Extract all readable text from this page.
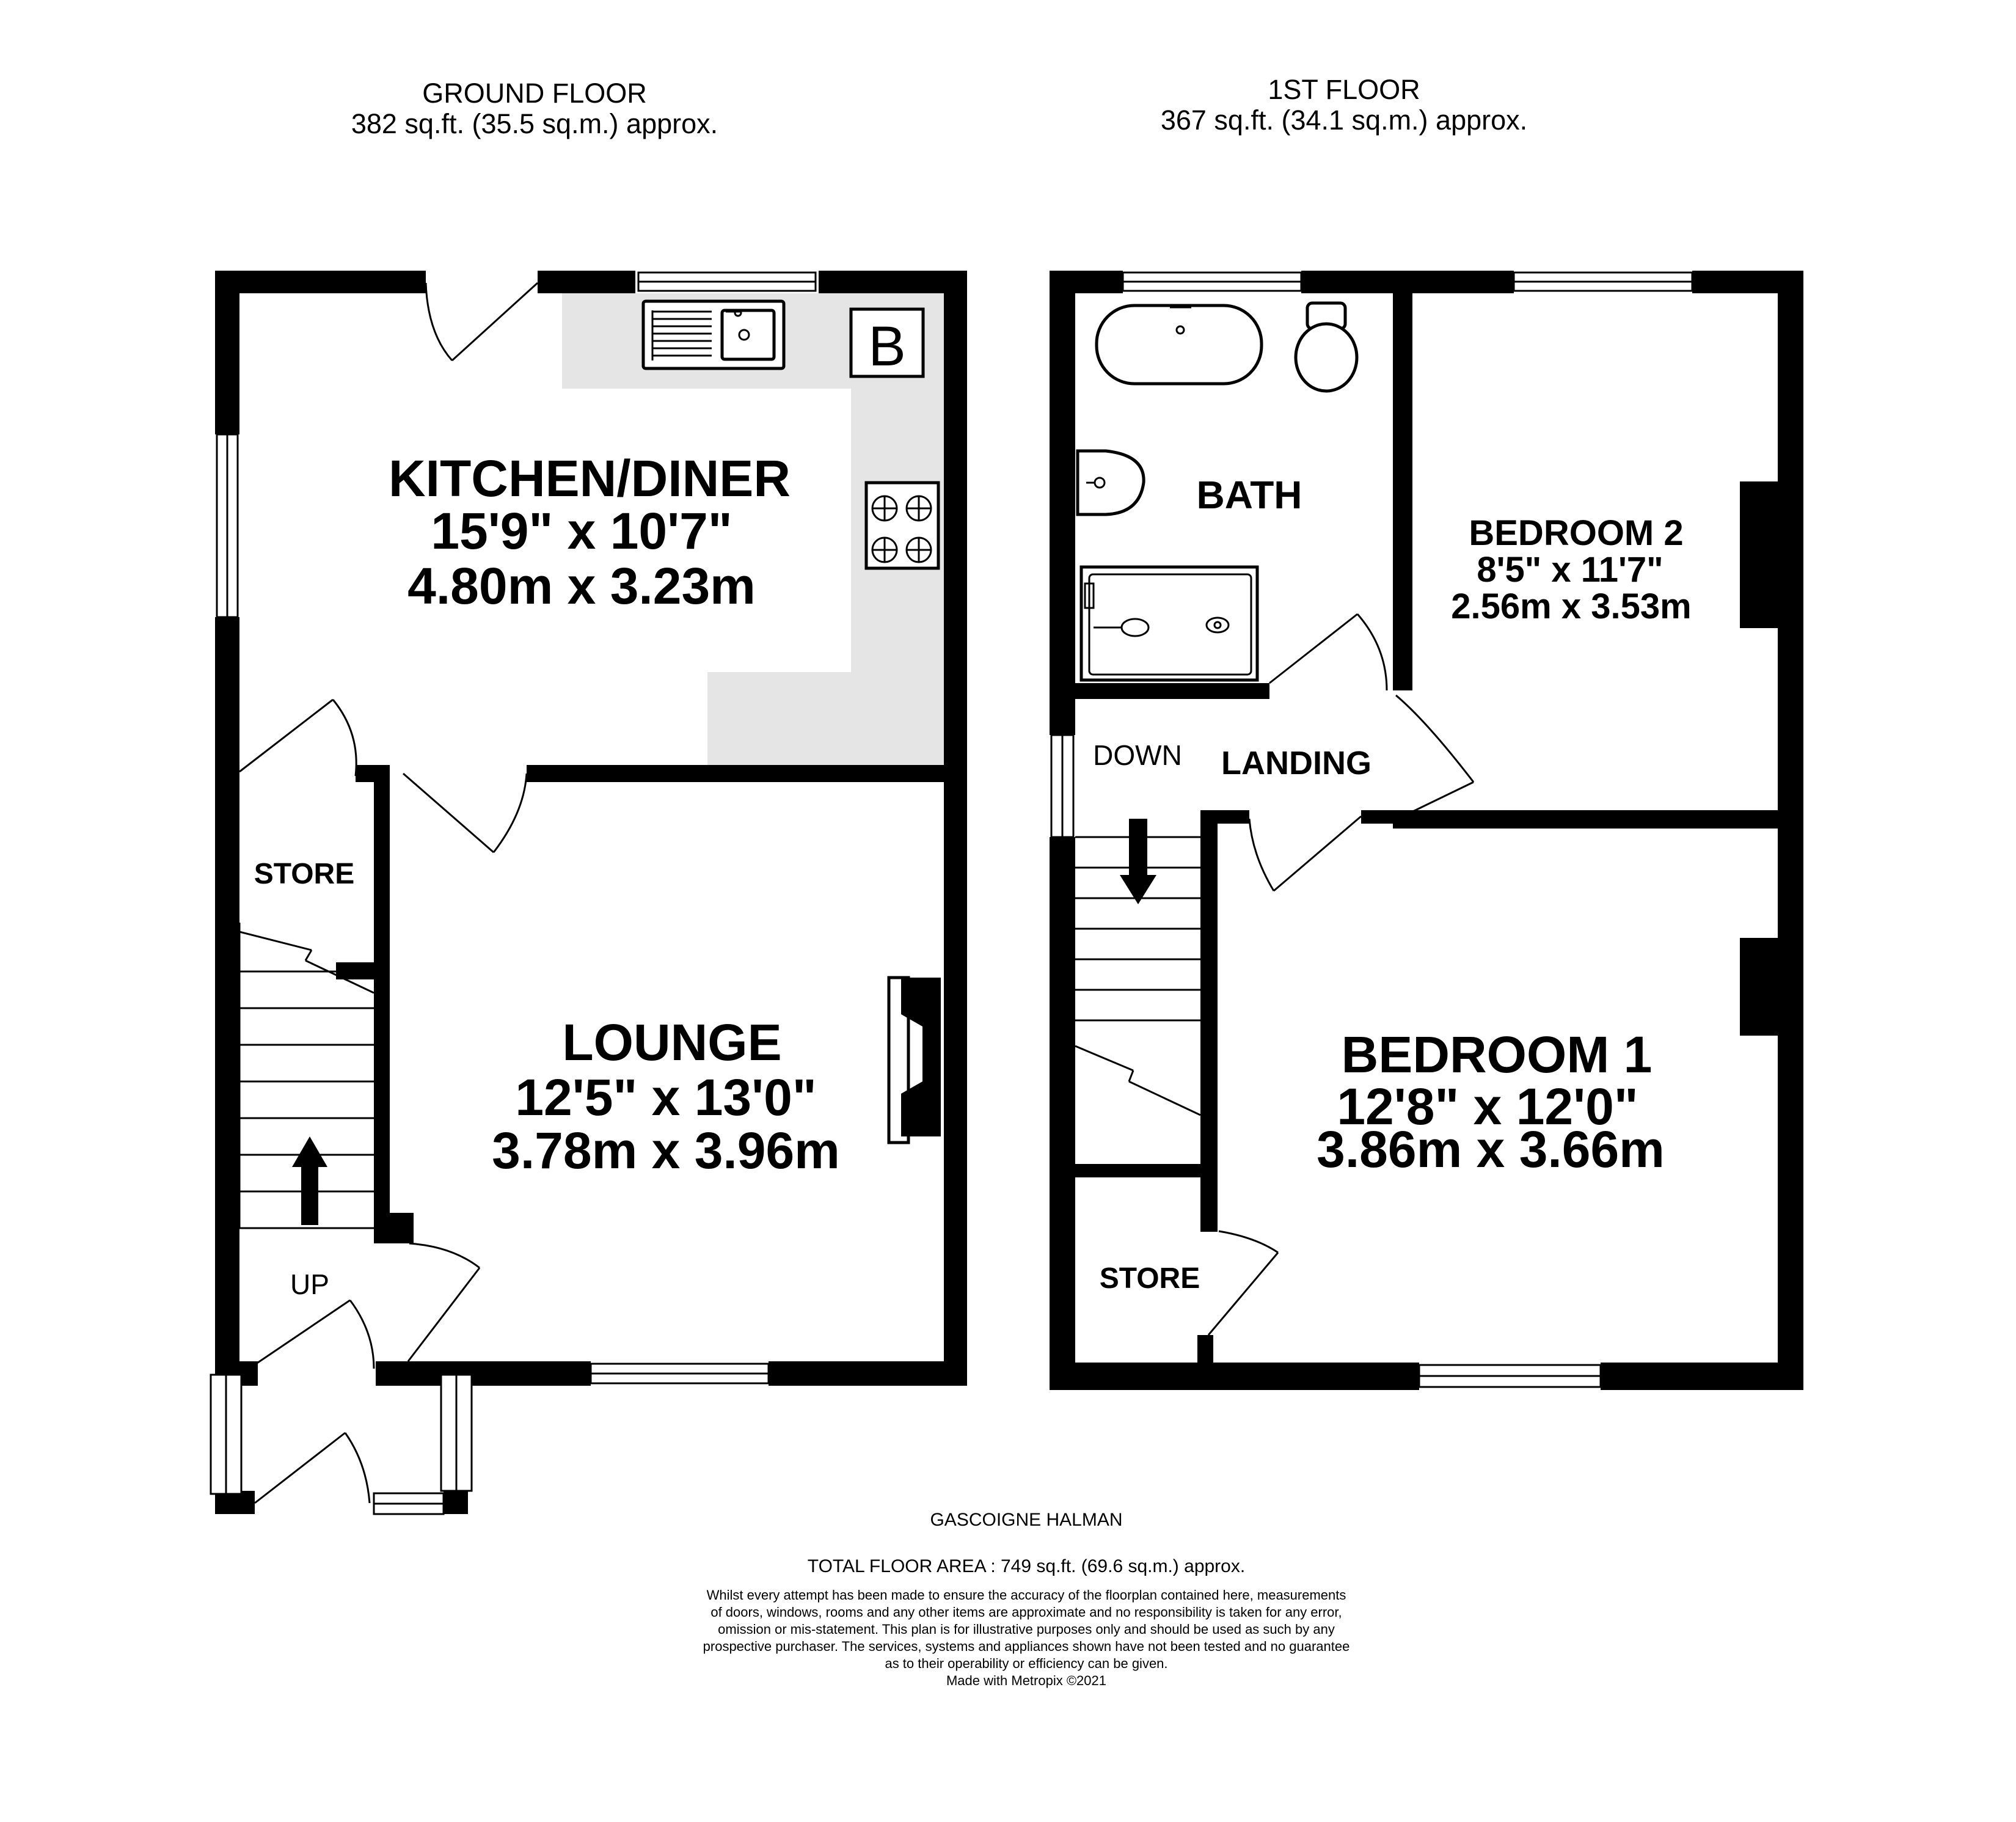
GROUND FLOOR
382 sq.ft. (35.5 sq.m.) approx.
1ST FLOOR
367 sq.ft. (34.1 sq.m.) approx.
B
KITCHEN/DINER
15'9" x 10'7"
4.80m x 3.23m
LOUNGE
12'5" x 13'0"
3.78m x 3.96m
STORE
UP
BATH
BEDROOM 2
8'5" x 11'7"
2.56m x 3.53m
LANDING
DOWN
BEDROOM 1
12'8" x 12'0"
3.86m x 3.66m
STORE
GASCOIGNE HALMAN
TOTAL FLOOR AREA : 749 sq.ft. (69.6 sq.m.) approx.
Whilst every attempt has been made to ensure the accuracy of the floorplan contained here, measurements
of doors, windows, rooms and any other items are approximate and no responsibility is taken for any error,
omission or mis-statement. This plan is for illustrative purposes only and should be used as such by any
prospective purchaser. The services, systems and appliances shown have not been tested and no guarantee
as to their operability or efficiency can be given.
Made with Metropix ©2021
